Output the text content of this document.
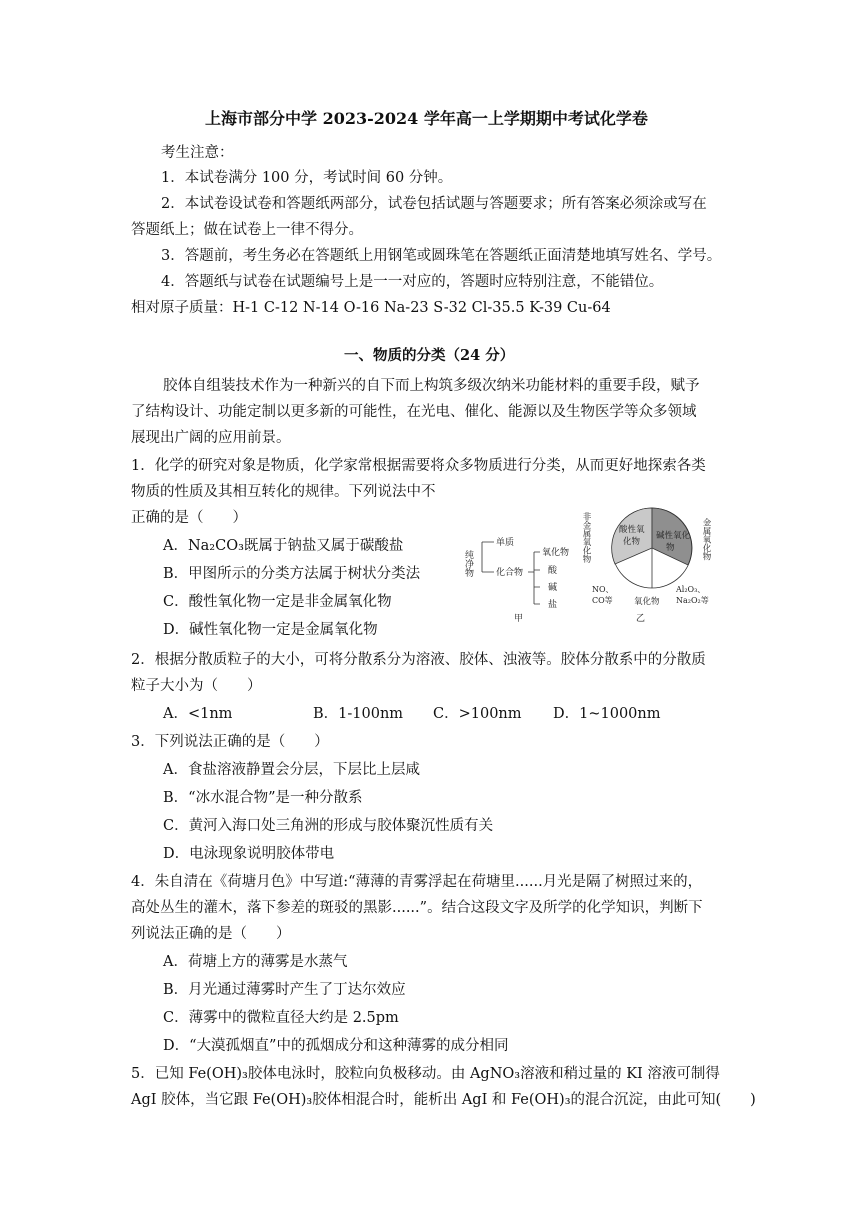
上海市部分中学 2023-2024 学年高一上学期期中考试化学卷
考生注意：
1．本试卷满分 100 分，考试时间 60 分钟。
2．本试卷设试卷和答题纸两部分，试卷包括试题与答题要求；所有答案必须涂或写在
答题纸上；做在试卷上一律不得分。
3．答题前，考生务必在答题纸上用钢笔或圆珠笔在答题纸正面清楚地填写姓名、学号。
4．答题纸与试卷在试题编号上是一一对应的，答题时应特别注意，不能错位。
相对原子质量：H-1 C-12 N-14 O-16 Na-23 S-32 Cl-35.5 K-39 Cu-64
一、物质的分类（24 分）
胶体自组装技术作为一种新兴的自下而上构筑多级次纳米功能材料的重要手段，赋予
了结构设计、功能定制以更多新的可能性，在光电、催化、能源以及生物医学等众多领域
展现出广阔的应用前景。
1．化学的研究对象是物质，化学家常根据需要将众多物质进行分类，从而更好地探索各类
物质的性质及其相互转化的规律。下列说法中不
正确的是（　　）
A．Na₂CO₃既属于钠盐又属于碳酸盐
B．甲图所示的分类方法属于树状分类法
C．酸性氧化物一定是非金属氧化物
D．碱性氧化物一定是金属氧化物
纯净物
单质
化合物
氧化物
酸
碱
盐
甲
非金属氧化物	金属氧化物
酸性氧化物
碱性氧化物
NO、
CO等	氧化物
Al₂O₃、
Na₂O₂等
乙
2．根据分散质粒子的大小，可将分散系分为溶液、胶体、浊液等。胶体分散系中的分散质
粒子大小为（　　）
A．<1nm	B．1-100nm C．>100nm D．1~1000nm
3．下列说法正确的是（　　）
A．食盐溶液静置会分层，下层比上层咸
B．“冰水混合物”是一种分散系
C．黄河入海口处三角洲的形成与胶体聚沉性质有关
D．电泳现象说明胶体带电
4．朱自清在《荷塘月色》中写道:“薄薄的青雾浮起在荷塘里......月光是隔了树照过来的，
高处丛生的灌木，落下参差的斑驳的黑影......”。结合这段文字及所学的化学知识，判断下
列说法正确的是（　　）
A．荷塘上方的薄雾是水蒸气
B．月光通过薄雾时产生了丁达尔效应
C．薄雾中的微粒直径大约是 2.5pm
D．“大漠孤烟直”中的孤烟成分和这种薄雾的成分相同
5．已知 Fe(OH)₃胶体电泳时，胶粒向负极移动。由 AgNO₃溶液和稍过量的 KI 溶液可制得
AgI 胶体，当它跟 Fe(OH)₃胶体相混合时，能析出 AgI 和 Fe(OH)₃的混合沉淀，由此可知(　　)
